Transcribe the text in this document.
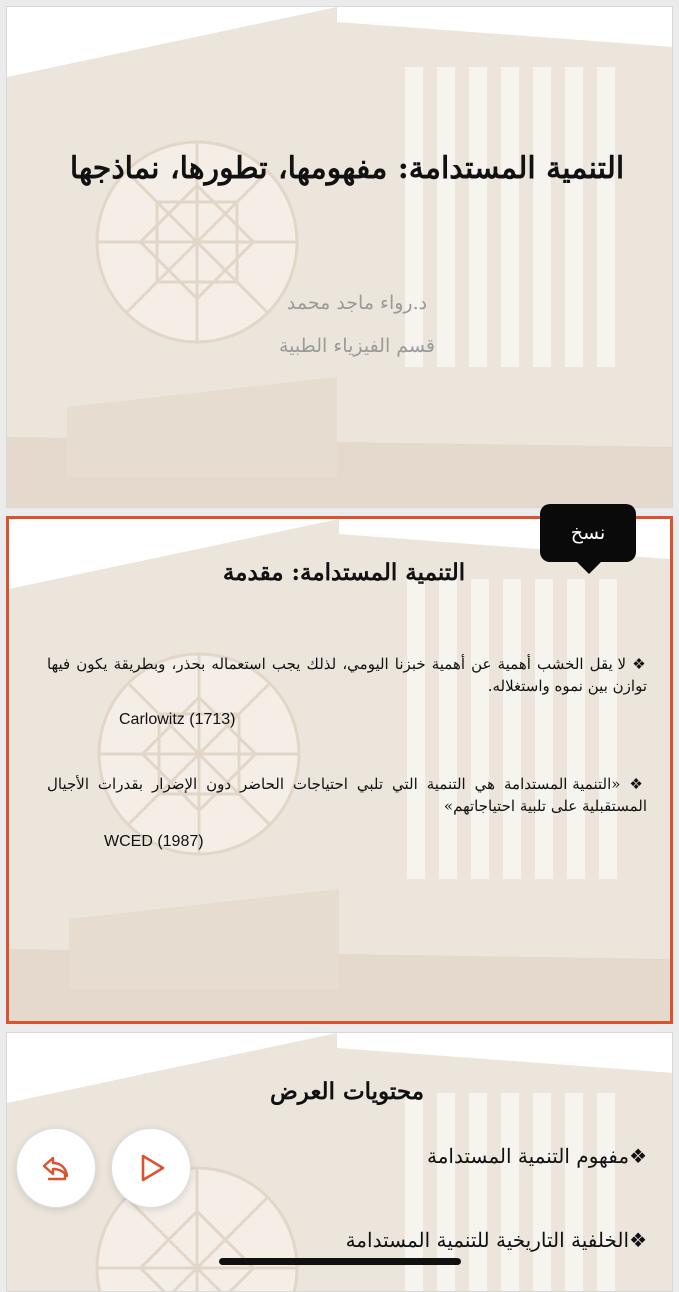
التنمية المستدامة: مفهومها، تطورها، نماذجها
د.رواء ماجد محمد
قسم الفيزياء الطبية
التنمية المستدامة: مقدمة
❖ لا يقل الخشب أهمية عن أهمية خبزنا اليومي، لذلك يجب استعماله بحذر، وبطريقة يكون فيها توازن بين نموه واستغلاله.
Carlowitz (1713)
❖ «التنمية المستدامة هي التنمية التي تلبي احتياجات الحاضر دون الإضرار بقدرات الأجيال المستقبلية على تلبية احتياجاتهم»
WCED (1987)
محتويات العرض
❖مفهوم التنمية المستدامة
❖الخلفية التاريخية للتنمية المستدامة
نسخ
